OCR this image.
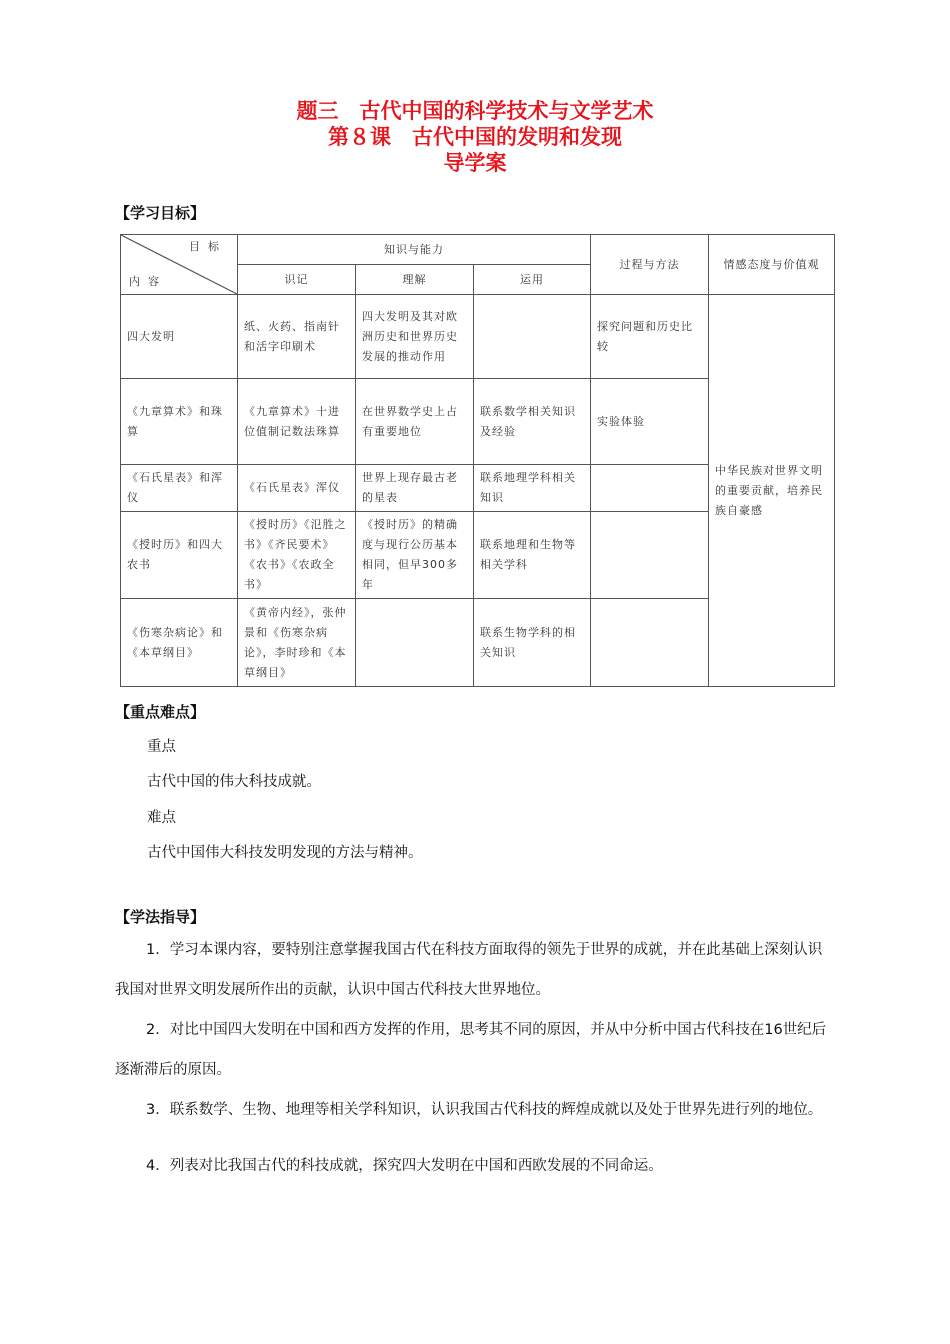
题三　古代中国的科学技术与文学艺术
第８课　古代中国的发明和发现
导学案
【学习目标】
目标
内容	知识与能力			过程与方法	情感态度与价值观
	识记	理解	运用		
四大发明	纸、火药、指南针和活字印刷术	四大发明及其对欧洲历史和世界历史发展的推动作用		探究问题和历史比较	中华民族对世界文明的重要贡献，培养民族自豪感
《九章算术》和珠算	《九章算术》十进位值制记数法珠算	在世界数学史上占有重要地位	联系数学相关知识及经验	实验体验	
《石氏星表》和浑仪	《石氏星表》浑仪	世界上现存最古老的星表	联系地理学科相关知识		
《授时历》和四大农书	《授时历》《氾胜之书》《齐民要术》《农书》《农政全书》	《授时历》的精确度与现行公历基本相同，但早300多年	联系地理和生物等相关学科		
《伤寒杂病论》和《本草纲目》	《黄帝内经》，张仲景和《伤寒杂病论》，李时珍和《本草纲目》		联系生物学科的相关知识		
【重点难点】
重点
古代中国的伟大科技成就。
难点
古代中国伟大科技发明发现的方法与精神。
【学法指导】

1．学习本课内容，要特别注意掌握我国古代在科技方面取得的领先于世界的成就，并在此基础上深刻认识我国对世界文明发展所作出的贡献，认识中国古代科技大世界地位。

2．对比中国四大发明在中国和西方发挥的作用，思考其不同的原因，并从中分析中国古代科技在16世纪后逐渐滞后的原因。

3．联系数学、生物、地理等相关学科知识，认识我国古代科技的辉煌成就以及处于世界先进行列的地位。

4．列表对比我国古代的科技成就，探究四大发明在中国和西欧发展的不同命运。
